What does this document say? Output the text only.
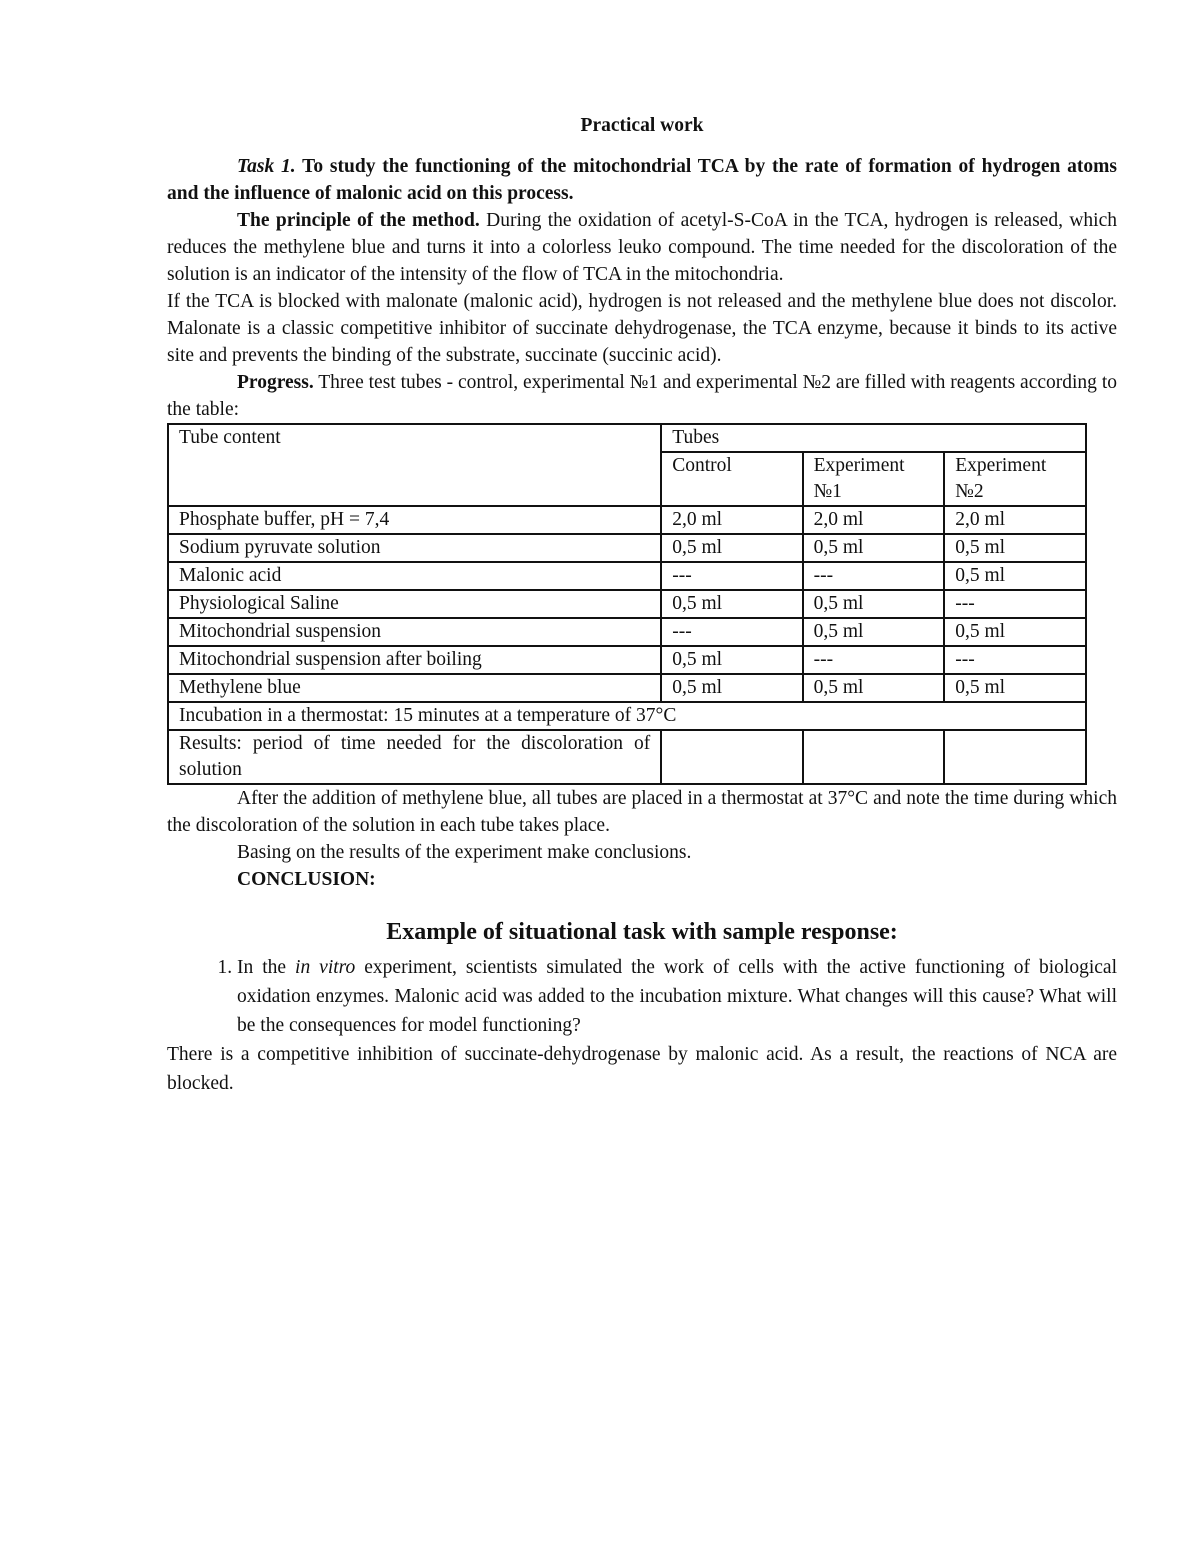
Practical work

Task 1. To study the functioning of the mitochondrial TCA by the rate of formation of hydrogen atoms and the influence of malonic acid on this process.

The principle of the method. During the oxidation of acetyl-S-CoA in the TCA, hydrogen is released, which reduces the methylene blue and turns it into a colorless leuko compound. The time needed for the discoloration of the solution is an indicator of the intensity of the flow of TCA in the mitochondria.

If the TCA is blocked with malonate (malonic acid), hydrogen is not released and the methylene blue does not discolor. Malonate is a classic competitive inhibitor of succinate dehydrogenase, the TCA enzyme, because it binds to its active site and prevents the binding of the substrate, succinate (succinic acid).

Progress. Three test tubes - control, experimental №1 and experimental №2 are filled with reagents according to the table:

Tube content	Tubes		
	Control	Experiment №1	Experiment №2
Phosphate buffer, pH = 7,4	2,0 ml	2,0 ml	2,0 ml
Sodium pyruvate solution	0,5 ml	0,5 ml	0,5 ml
Malonic acid	---	---	0,5 ml
Physiological Saline	0,5 ml	0,5 ml	---
Mitochondrial suspension	---	0,5 ml	0,5 ml
Mitochondrial suspension after boiling	0,5 ml	---	---
Methylene blue	0,5 ml	0,5 ml	0,5 ml
Incubation in a thermostat: 15 minutes at a temperature of 37°C			
Results: period of time needed for the discoloration of solution			

After the addition of methylene blue, all tubes are placed in a thermostat at 37°C and note the time during which the discoloration of the solution in each tube takes place.

Basing on the results of the experiment make conclusions.

CONCLUSION:

Example of situational task with sample response:
1. In the in vitro experiment, scientists simulated the work of cells with the active functioning of biological oxidation enzymes. Malonic acid was added to the incubation mixture. What changes will this cause? What will be the consequences for model functioning?

There is a competitive inhibition of succinate-dehydrogenase by malonic acid. As a result, the reactions of NCA are blocked.
